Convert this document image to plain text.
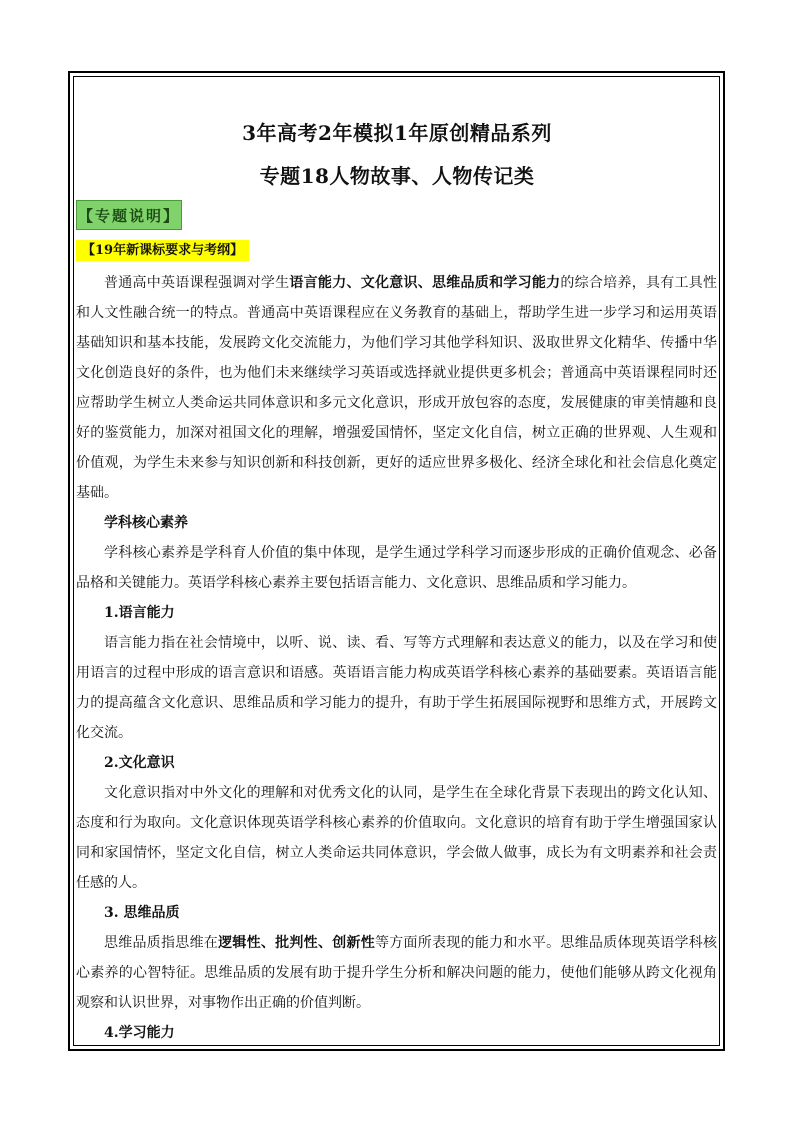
3年高考2年模拟1年原创精品系列
专题18人物故事、人物传记类
【专题说明】
【19年新课标要求与考纲】

普通高中英语课程强调对学生语言能力、文化意识、思维品质和学习能力的综合培养，具有工具性和人文性融合统一的特点。普通高中英语课程应在义务教育的基础上，帮助学生进一步学习和运用英语基础知识和基本技能，发展跨文化交流能力，为他们学习其他学科知识、汲取世界文化精华、传播中华文化创造良好的条件，也为他们未来继续学习英语或选择就业提供更多机会；普通高中英语课程同时还应帮助学生树立人类命运共同体意识和多元文化意识，形成开放包容的态度，发展健康的审美情趣和良好的鉴赏能力，加深对祖国文化的理解，增强爱国情怀，坚定文化自信，树立正确的世界观、人生观和价值观，为学生未来参与知识创新和科技创新，更好的适应世界多极化、经济全球化和社会信息化奠定基础。

学科核心素养

学科核心素养是学科育人价值的集中体现，是学生通过学科学习而逐步形成的正确价值观念、必备品格和关键能力。英语学科核心素养主要包括语言能力、文化意识、思维品质和学习能力。

1.语言能力

语言能力指在社会情境中，以听、说、读、看、写等方式理解和表达意义的能力，以及在学习和使用语言的过程中形成的语言意识和语感。英语语言能力构成英语学科核心素养的基础要素。英语语言能力的提高蕴含文化意识、思维品质和学习能力的提升，有助于学生拓展国际视野和思维方式，开展跨文化交流。

2.文化意识

文化意识指对中外文化的理解和对优秀文化的认同，是学生在全球化背景下表现出的跨文化认知、态度和行为取向。文化意识体现英语学科核心素养的价值取向。文化意识的培育有助于学生增强国家认同和家国情怀，坚定文化自信，树立人类命运共同体意识，学会做人做事，成长为有文明素养和社会责任感的人。

3. 思维品质

思维品质指思维在逻辑性、批判性、创新性等方面所表现的能力和水平。思维品质体现英语学科核心素养的心智特征。思维品质的发展有助于提升学生分析和解决问题的能力，使他们能够从跨文化视角观察和认识世界，对事物作出正确的价值判断。

4.学习能力
